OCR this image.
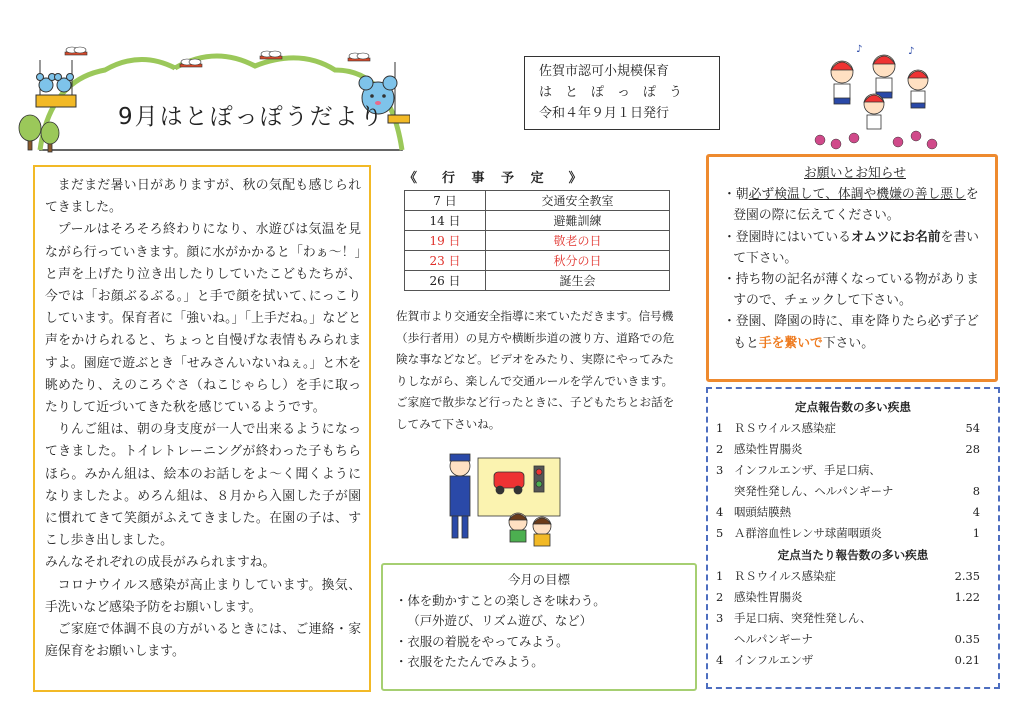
9月はとぽっぽうだより
佐賀市認可小規模保育
は　と　ぽ　っ　ぽ　う
令和４年９月１日発行
♪	♪

まだまだ暑い日がありますが、秋の気配も感じられてきました。

プールはそろそろ終わりになり、水遊びは気温を見ながら行っていきます。顔に水がかかると「わぁ～！」と声を上げたり泣き出したりしていたこどもたちが、今では「お顔ぶるぶる。」と手で顔を拭いて､にっこりしています。保育者に「強いね。」「上手だね。」などと声をかけられると、ちょっと自慢げな表情もみられますよ。園庭で遊ぶとき「せみさんいないねぇ。」と木を眺めたり、えのころぐさ（ねこじゃらし）を手に取ったりして近づいてきた秋を感じているようです。

りんご組は、朝の身支度が一人で出来るようになってきました。トイレトレーニングが終わった子もちらほら。みかん組は、絵本のお話しをよ～く聞くようになりましたよ。めろん組は、８月から入園した子が園に慣れてきて笑顔がふえてきました。在園の子は、すこし歩き出しました。

みんなそれぞれの成長がみられますね。

コロナウイルス感染が高止まりしています。換気、手洗いなど感染予防をお願いします。

ご家庭で体調不良の方がいるときには、ご連絡・家庭保育をお願いします。

《　行 事 予 定　》
7 日	交通安全教室
14 日	避難訓練
19 日	敬老の日
23 日	秋分の日
26 日	誕生会

佐賀市より交通安全指導に来ていただきます。信号機（歩行者用）の見方や横断歩道の渡り方、道路での危険な事などなど。ビデオをみたり、実際にやってみたりしながら、楽しんで交通ルールを学んでいきます。　ご家庭で散歩など行ったときに、子どもたちとお話をしてみて下さいね。

今月の目標
・体を動かすことの楽しさを味わう。
（戸外遊び、リズム遊び、など）
・衣服の着脱をやってみよう。
・衣服をたたんでみよう。
お願いとお知らせ
・朝必ず検温して、体調や機嫌の善し悪しを登園の際に伝えてください。
・登園時にはいているオムツにお名前を書いて下さい。
・持ち物の記名が薄くなっている物がありますので、チェックして下さい。
・登園、降園の時に、車を降りたら必ず子どもと手を繋いで下さい。
定点報告数の多い疾患
1 ＲＳウイルス感染症	54
2 感染性胃腸炎	28
3 インフルエンザ、手足口病、
突発性発しん、ヘルパンギーナ	8
4 咽頭結膜熱	4
5 Ａ群溶血性レンサ球菌咽頭炎	1
定点当たり報告数の多い疾患
1 ＲＳウイルス感染症	2.35
2 感染性胃腸炎	1.22
3 手足口病、突発性発しん、
ヘルパンギーナ	0.35
4 インフルエンザ	0.21
